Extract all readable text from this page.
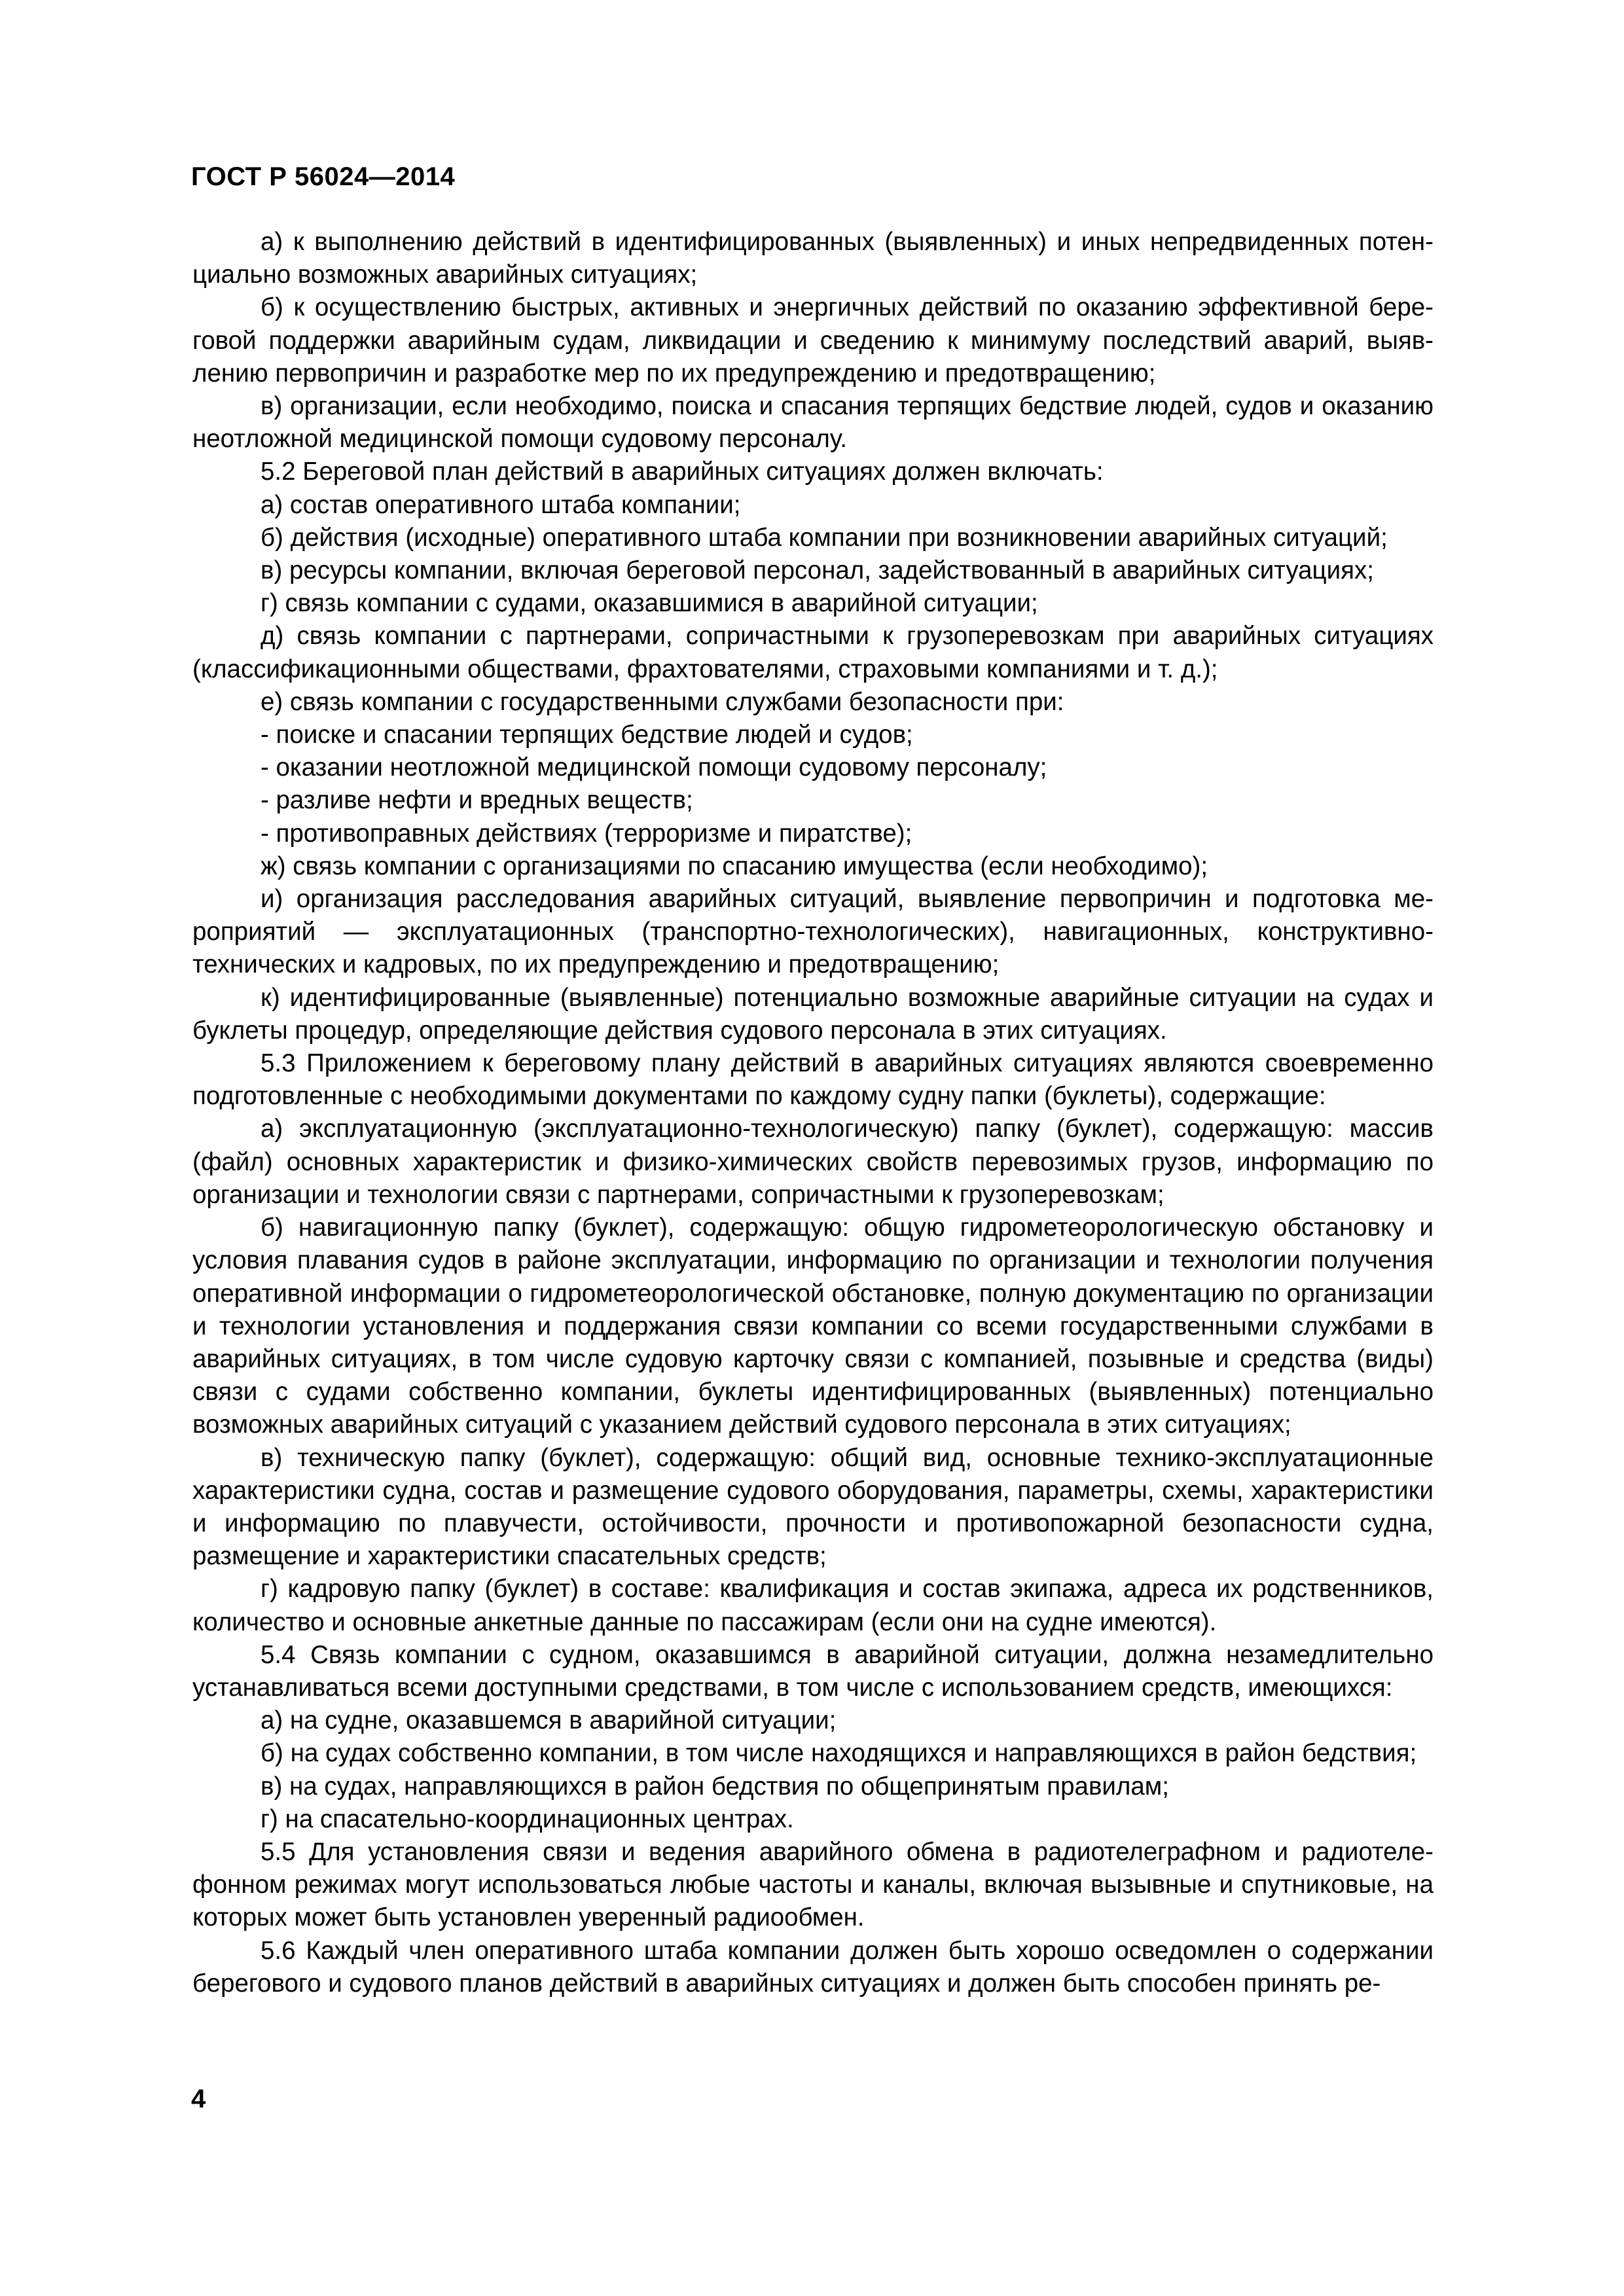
ГОСТ Р 56024—2014

а) к выполнению действий в идентифицированных (выявленных) и иных непредвиденных потенциально возможных аварийных ситуациях;

б) к осуществлению быстрых, активных и энергичных действий по оказанию эффективной береговой поддержки аварийным судам, ликвидации и сведению к минимуму последствий аварий, выявлению первопричин и разработке мер по их предупреждению и предотвращению;

в) организации, если необходимо, поиска и спасания терпящих бедствие людей, судов и оказанию неотложной медицинской помощи судовому персоналу.

5.2 Береговой план действий в аварийных ситуациях должен включать:

а) состав оперативного штаба компании;

б) действия (исходные) оперативного штаба компании при возникновении аварийных ситуаций;

в) ресурсы компании, включая береговой персонал, задействованный в аварийных ситуациях;

г) связь компании с судами, оказавшимися в аварийной ситуации;

д) связь компании с партнерами, сопричастными к грузоперевозкам при аварийных ситуациях (классификационными обществами, фрахтователями, страховыми компаниями и т. д.);

е) связь компании с государственными службами безопасности при:

- поиске и спасании терпящих бедствие людей и судов;

- оказании неотложной медицинской помощи судовому персоналу;

- разливе нефти и вредных веществ;

- противоправных действиях (терроризме и пиратстве);

ж) связь компании с организациями по спасанию имущества (если необходимо);

и) организация расследования аварийных ситуаций, выявление первопричин и подготовка мероприятий — эксплуатационных (транспортно-технологических), навигационных, конструктивно-технических и кадровых, по их предупреждению и предотвращению;

к) идентифицированные (выявленные) потенциально возможные аварийные ситуации на судах и буклеты процедур, определяющие действия судового персонала в этих ситуациях.

5.3 Приложением к береговому плану действий в аварийных ситуациях являются своевременно подготовленные с необходимыми документами по каждому судну папки (буклеты), содержащие:

а) эксплуатационную (эксплуатационно-технологическую) папку (буклет), содержащую: массив (файл) основных характеристик и физико-химических свойств перевозимых грузов, информацию по организации и технологии связи с партнерами, сопричастными к грузоперевозкам;

б) навигационную папку (буклет), содержащую: общую гидрометеорологическую обстановку и условия плавания судов в районе эксплуатации, информацию по организации и технологии получения оперативной информации о гидрометеорологической обстановке, полную документацию по организации и технологии установления и поддержания связи компании со всеми государственными службами в аварийных ситуациях, в том числе судовую карточку связи с компанией, позывные и средства (виды) связи с судами собственно компании, буклеты идентифицированных (выявленных) потенциально возможных аварийных ситуаций с указанием действий судового персонала в этих ситуациях;

в) техническую папку (буклет), содержащую: общий вид, основные технико-эксплуатационные характеристики судна, состав и размещение судового оборудования, параметры, схемы, характеристики и информацию по плавучести, остойчивости, прочности и противопожарной безопасности судна, размещение и характеристики спасательных средств;

г) кадровую папку (буклет) в составе: квалификация и состав экипажа, адреса их родственников, количество и основные анкетные данные по пассажирам (если они на судне имеются).

5.4 Связь компании с судном, оказавшимся в аварийной ситуации, должна незамедлительно устанавливаться всеми доступными средствами, в том числе с использованием средств, имеющихся:

а) на судне, оказавшемся в аварийной ситуации;

б) на судах собственно компании, в том числе находящихся и направляющихся в район бедствия;

в) на судах, направляющихся в район бедствия по общепринятым правилам;

г) на спасательно-координационных центрах.

5.5 Для установления связи и ведения аварийного обмена в радиотелеграфном и радиотелефонном режимах могут использоваться любые частоты и каналы, включая вызывные и спутниковые, на которых может быть установлен уверенный радиообмен.

5.6 Каждый член оперативного штаба компании должен быть хорошо осведомлен о содержании берегового и судового планов действий в аварийных ситуациях и должен быть способен принять ре-

4
